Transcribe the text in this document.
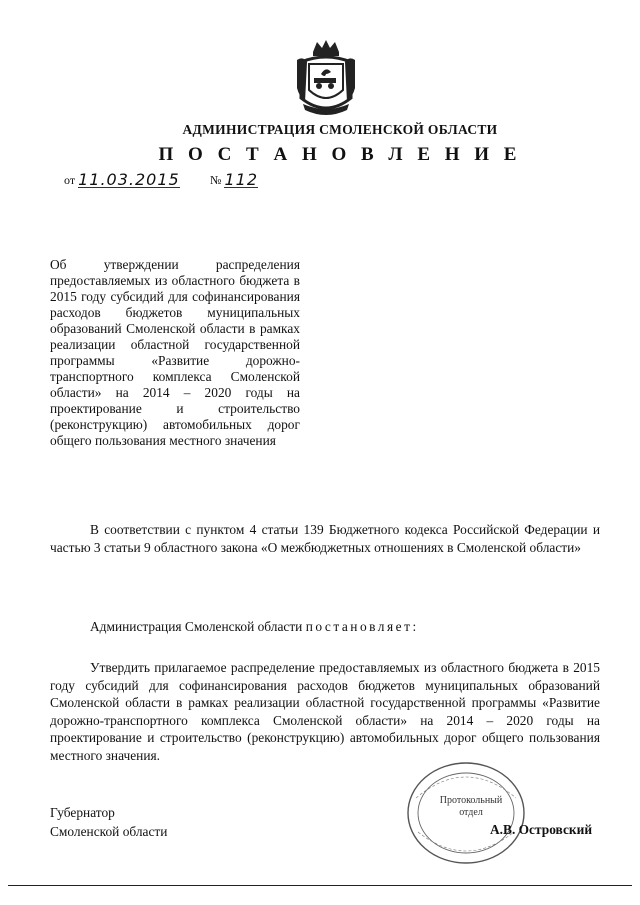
АДМИНИСТРАЦИЯ СМОЛЕНСКОЙ ОБЛАСТИ
П О С Т А Н О В Л Е Н И Е
от 11.03.2015	№ 112

Об утверждении распределения предоставляемых из областного бюджета в 2015 году субсидий для софинансирования расходов бюджетов муниципальных образований Смоленской области в рамках реализации областной государственной программы «Развитие дорожно-транспортного комплекса Смоленской области» на 2014 – 2020 годы на проектирование и строительство (реконструкцию) автомобильных дорог общего пользования местного значения

В соответствии с пунктом 4 статьи 139 Бюджетного кодекса Российской Федерации и частью 3 статьи 9 областного закона «О межбюджетных отношениях в Смоленской области»

Администрация Смоленской области постановляет:

Утвердить прилагаемое распределение предоставляемых из областного бюджета в 2015 году субсидий для софинансирования расходов бюджетов муниципальных образований Смоленской области в рамках реализации областной государственной программы «Развитие дорожно-транспортного комплекса Смоленской области» на 2014 – 2020 годы на проектирование и строительство (реконструкцию) автомобильных дорог общего пользования местного значения.

Протокольный
отдел
Губернатор
Смоленской области	А.В. Островский
